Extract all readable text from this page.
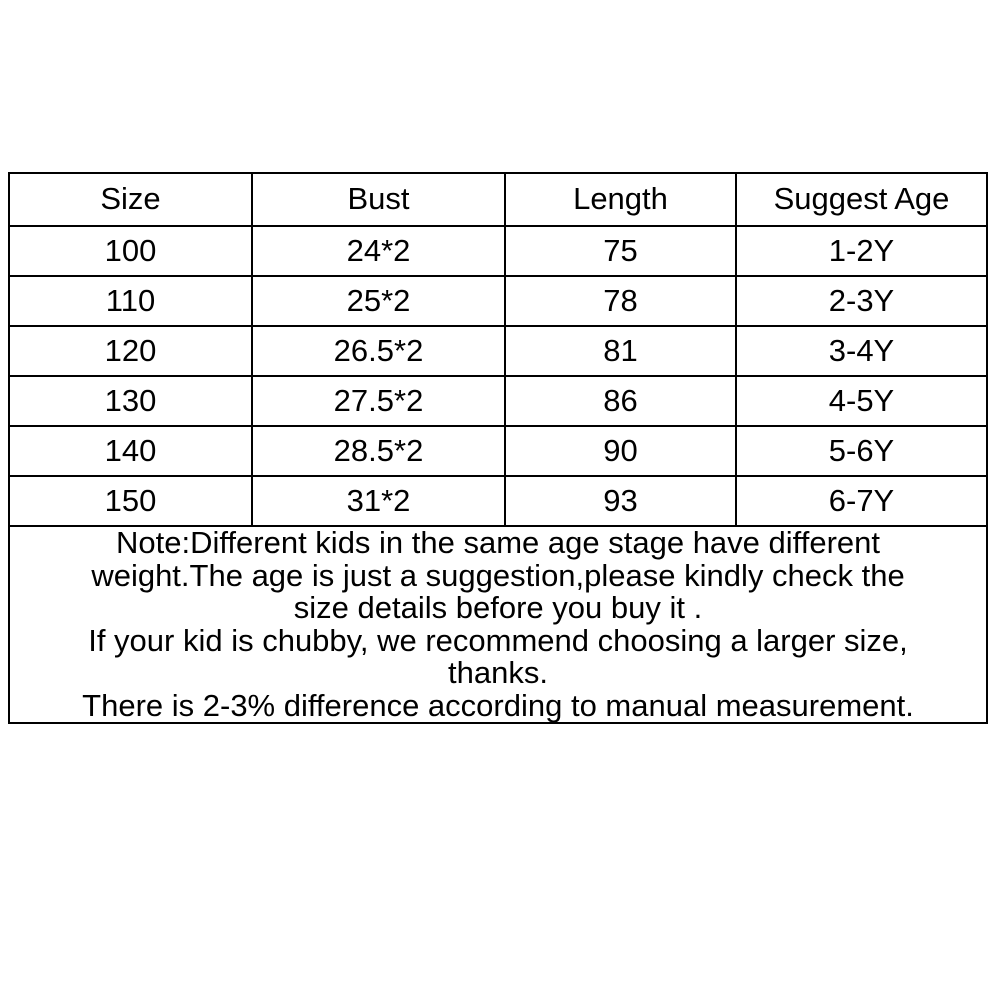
Size	Bust	Length	Suggest Age
100	24*2	75	1-2Y
110	25*2	78	2-3Y
120	26.5*2	81	3-4Y
130	27.5*2	86	4-5Y
140	28.5*2	90	5-6Y
150	31*2	93	6-7Y

Note:Different kids in the same age stage have different
weight.The age is just a suggestion,please kindly check the
size details before you buy it .
If your kid is chubby, we recommend choosing a larger size,
thanks.
There is 2-3% difference according to manual measurement.
